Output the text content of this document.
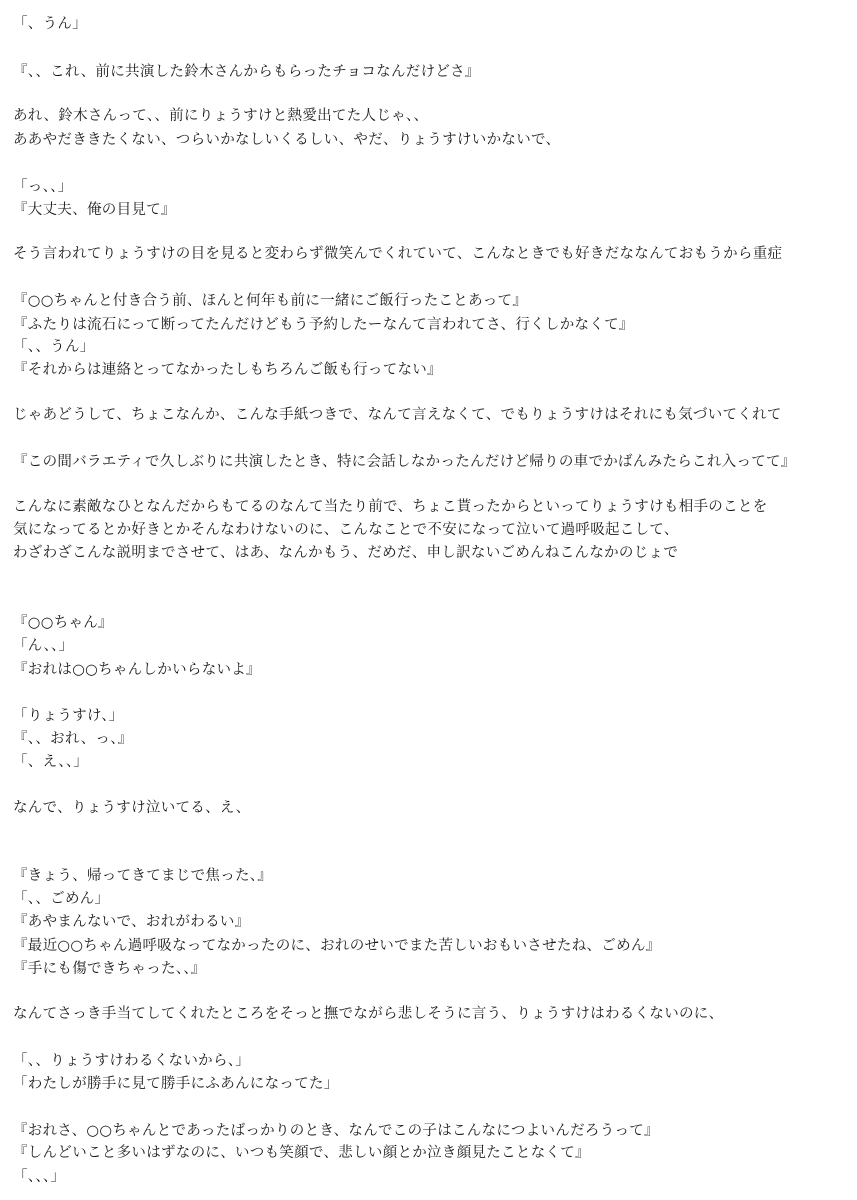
「、うん」
『、、これ、前に共演した鈴木さんからもらったチョコなんだけどさ』
あれ、鈴木さんって、、前にりょうすけと熱愛出てた人じゃ、、
ああやだききたくない、つらいかなしいくるしい、やだ、りょうすけいかないで、
「っ、、」
『大丈夫、俺の目見て』
そう言われてりょうすけの目を見ると変わらず微笑んでくれていて、こんなときでも好きだななんておもうから重症
『○○ちゃんと付き合う前、ほんと何年も前に一緒にご飯行ったことあって』
『ふたりは流石にって断ってたんだけどもう予約したーなんて言われてさ、行くしかなくて』
「、、うん」
『それからは連絡とってなかったしもちろんご飯も行ってない』
じゃあどうして、ちょこなんか、こんな手紙つきで、なんて言えなくて、でもりょうすけはそれにも気づいてくれて
『この間バラエティで久しぶりに共演したとき、特に会話しなかったんだけど帰りの車でかばんみたらこれ入ってて』
こんなに素敵なひとなんだからもてるのなんて当たり前で、ちょこ貰ったからといってりょうすけも相手のことを
気になってるとか好きとかそんなわけないのに、こんなことで不安になって泣いて過呼吸起こして、
わざわざこんな説明までさせて、はあ、なんかもう、だめだ、申し訳ないごめんねこんなかのじょで
『○○ちゃん』
「ん、、」
『おれは○○ちゃんしかいらないよ』
「りょうすけ、」
『、、おれ、っ、』
「、え、、」
なんで、りょうすけ泣いてる、え、
『きょう、帰ってきてまじで焦った、』
「、、ごめん」
『あやまんないで、おれがわるい』
『最近○○ちゃん過呼吸なってなかったのに、おれのせいでまた苦しいおもいさせたね、ごめん』
『手にも傷できちゃった、、』
なんてさっき手当てしてくれたところをそっと撫でながら悲しそうに言う、りょうすけはわるくないのに、
「、、りょうすけわるくないから、」
「わたしが勝手に見て勝手にふあんになってた」
『おれさ、○○ちゃんとであったばっかりのとき、なんでこの子はこんなにつよいんだろうって』
『しんどいこと多いはずなのに、いつも笑顔で、悲しい顔とか泣き顔見たことなくて』
「、、、」
